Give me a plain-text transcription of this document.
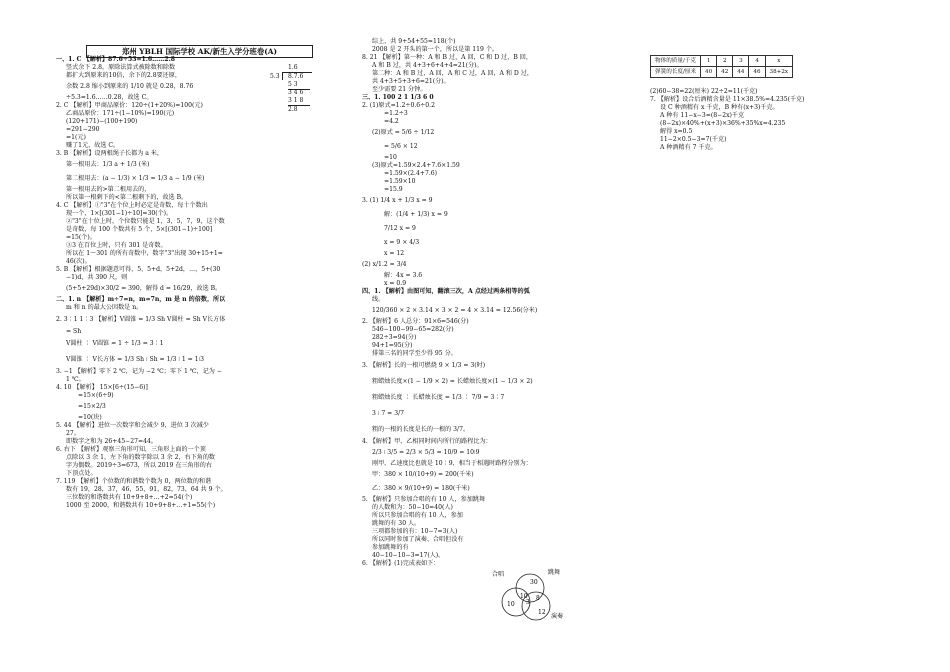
郑州 YBLH 国际学校 AK/新生入学分班卷(A)
1.6
5.3 8.7.6
5 3
3 4 6
3 1 8
2.8
一、1. C 【解析】87.6÷53=1.6……2.8
竖式余下 2.8，原除法算式被除数和除数
都扩大到原来的10倍，余下的2.8要还原，
余数 2.8 缩小到原来的 1/10 就是 0.28，8.76
÷5.3=1.6……0.28，故选 C。
2. C 【解析】甲商品原价：120÷(1+20%)=100(元)
乙商品原价：171÷(1−10%)=190(元)
(120+171)−(100+190)
=291−290
=1(元)
赚了1元，故选 C。
3. B 【解析】设两根绳子长都为 a 米，
第一根用去：1/3 a + 1/3 (米)
第二根用去：(a − 1/3) × 1/3 = 1/3 a − 1/9 (米)
第一根用去的>第二根用去的，
所以第一根剩下的<第二根剩下的，故选 B。
4. C 【解析】①"3"在个位上时必定是奇数，每十个数出
现一个，1×[(301−1)÷10]=30(个)。
②"3"在十位上时，个位数只能是 1，3，5，7，9，这个数
是奇数，每 100 个数共有 5 个，5×[(301−1)÷100]
=15(个)。
③3 在百位上时，只有 301 是奇数。
所以在 1～301 的所有奇数中，数字"3"出现 30+15+1=
46(次)。
5. B 【解析】根据题意可得，5，5+d，5+2d，…，5+(30
−1)d，共 390 尺，则
(5+5+29d)×30/2 = 390，解得 d = 16/29，故选 B。
二、1. n 【解析】m÷7=n，m=7n，m 是 n 的倍数，所以
m 和 n 的最大公因数是 n。
2. 3∶1 1∶3 【解析】V圆锥 = 1/3 Sh V圆柱 = Sh V长方体
= Sh
V圆柱 ∶ V圆锥 = 1 ÷ 1/3 = 3∶1
V圆锥 ∶ V长方体 = 1/3 Sh ∶ Sh = 1/3 ∶ 1 = 1∶3
3. −1 【解析】零下 2 ℃，记为 −2 ℃；零下 1 ℃，记为 −
1 ℃。
4. 10 【解析】 15×[6÷(15−6)]
=15×(6÷9)
=15×2/3
=10(块)
5. 44 【解析】进位一次数字和会减少 9，进位 3 次减少
27。
即数字之和为 26+45−27=44。
6. 右下 【解析】观察三角形可知，三角形上面的一个顶
点除以 3 余 1，左下角的数字除以 3 余 2，右下角的数
字为偶数。2019÷3=673，所以 2019 在三角形的右
下顶点处。
7. 119 【解析】个位数的和谐数个数为 0，两位数的和谐
数有 19，28，37，46，55，91，82，73，64 共 9 个。
三位数的和谐数共有 10+9+8+…+2=54(个)
1000 至 2000，和谐数共有 10+9+8+…+1=55(个)
综上，共 9+54+55=118(个)
2008 是 2 开头的第一个，所以是第 119 个。
8. 21 【解析】第一种：A 和 B 过，A 回，C 和 D 过，B 回，
A 和 B 过，共 4+3+6+4+4=21(分)。
第二种：A 和 B 过，A 回，A 和 C 过，A 回，A 和 D 过，
共 4+3+5+3+6=21(分)。
至少需要 21 分钟。
三、1. 100 2 1 1/3 6 0
2. (1)原式=1.2÷0.6÷0.2
=1.2÷3
=4.2
(2)原式 = 5/6 ÷ 1/12
= 5/6 × 12
=10
(3)原式=1.59×2.4+7.6×1.59
=1.59×(2.4+7.6)
=1.59×10
=15.9
3. (1) 1/4 x + 1/3 x = 9
解：(1/4 + 1/3) x = 9
7/12 x = 9
x = 9 × 4/3
x = 12
(2) x/1.2 = 3/4
解：4x = 3.6
x = 0.9
四、1. 【解析】由图可知，翻滚三次，A 点经过两条相等的弧
线。
120/360 × 2 × 3.14 × 3 × 2 = 4 × 3.14 = 12.56(分米)
2. 【解析】6 人总分：91×6=546(分)
546−100−99−65=282(分)
282÷3=94(分)
94+1=95(分)
排第三名的同学至少得 95 分。
3. 【解析】长的一根可燃烧 9 × 1/3 = 3(时)
粗蜡烛长度×(1 − 1/9 × 2) = 长蜡烛长度×(1 − 1/3 × 2)
粗蜡烛长度 ∶ 长蜡烛长度 = 1/3 ∶ 7/9 = 3∶7
3 ∶ 7 = 3/7
粗的一根的长度是长的一根的 3/7。
4. 【解析】甲、乙相同时间内所行的路程比为：
2/3 ∶ 3/5 = 2/3 × 5/3 = 10/9 = 10∶9
刚甲、乙速度比也就是 10∶9，相当于相遇时路程分别为：
甲：380 × 10/(10+9) = 200(千米)
乙：380 × 9/(10+9) = 180(千米)
5. 【解析】只参加合唱的有 10 人，参加跳舞
的人数和为：50−10=40(人)
所以只参加合唱的有 10 人，参加
跳舞的有 30 人。
三项都参加的有：10−7=3(人)
所以同时参加了演奏、合唱但没有
参加跳舞的有
40−10−10−3=17(人)。
6. 【解析】(1)完成表如下：
物体的质量/千克	1	2	3	4	x
弹簧的长度/厘米	40	42	44	46	38+2x
(2)60−38=22(厘米) 22÷2=11(千克)
7. 【解析】设合后酒精含量是 11×38.5%=4.235(千克)
设 C 种酒精有 x 千克，B 种有(x+3)千克。
A 种有 11−x−3=(8−2x)千克
(8−2x)×40%+(x+3)×36%+35%x=4.235
解得 x=0.5
11−2×0.5−3=7(千克)
A 种酒精有 7 千克。
合唱	跳舞
演奏
30
10
3
8
10
12
